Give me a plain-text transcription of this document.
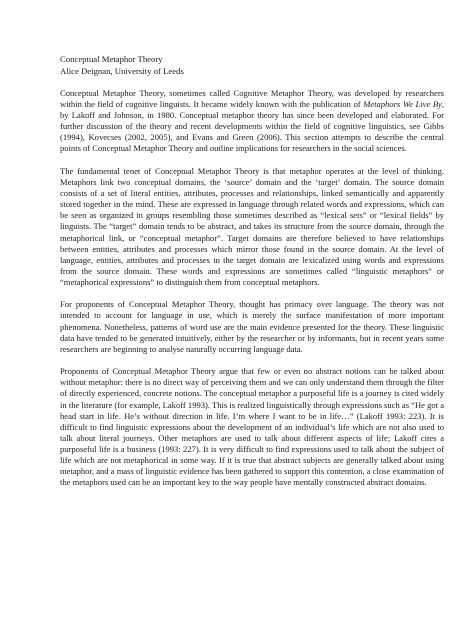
Conceptual Metaphor Theory
Alice Deignan, University of Leeds

Conceptual Metaphor Theory, sometimes called Cognitive Metaphor Theory, was developed by researchers within the field of cognitive linguists. It became widely known with the publication of Metaphors We Live By, by Lakoff and Johnson, in 1980. Conceptual metaphor theory has since been developed and elaborated. For further discussion of the theory and recent developments within the field of cognitive linguistics, see Gibbs (1994), Kovecses (2002, 2005), and Evans and Green (2006). This section attempts to describe the central points of Conceptual Metaphor Theory and outline implications for researchers in the social sciences.

The fundamental tenet of Conceptual Metaphor Theory is that metaphor operates at the level of thinking. Metaphors link two conceptual domains, the ‘source’ domain and the ‘target’ domain. The source domain consists of a set of literal entities, attributes, processes and relationships, linked semantically and apparently stored together in the mind. These are expressed in language through related words and expressions, which can be seen as organized in groups resembling those sometimes described as “lexical sets” or “lexical fields” by linguists. The “target” domain tends to be abstract, and takes its structure from the source domain, through the metaphorical link, or “conceptual metaphor”. Target domains are therefore believed to have relationships between entities, attributes and processes which mirror those found in the source domain. At the level of language, entities, attributes and processes in the target domain are lexicalized using words and expressions from the source domain. These words and expressions are sometimes called “linguistic metaphors” or “metaphorical expressions” to distinguish them from conceptual metaphors.

For proponents of Conceptual Metaphor Theory, thought has primacy over language. The theory was not intended to account for language in use, which is merely the surface manifestation of more important phenomena. Nonetheless, patterns of word use are the main evidence presented for the theory. These linguistic data have tended to be generated intuitively, either by the researcher or by informants, but in recent years some researchers are beginning to analyse naturally occurring language data.

Proponents of Conceptual Metaphor Theory argue that few or even no abstract notions can be talked about without metaphor: there is no direct way of perceiving them and we can only understand them through the filter of directly experienced, concrete notions. The conceptual metaphor a purposeful life is a journey is cited widely in the literature (for example, Lakoff 1993). This is realized linguistically through expressions such as “He got a head start in life. He’s without direction in life. I’m where I want to be in life…” (Lakoff 1993: 223). It is difficult to find linguistic expressions about the development of an individual’s life which are not also used to talk about literal journeys. Other metaphors are used to talk about different aspects of life; Lakoff cites a purposeful life is a business (1993: 227). It is very difficult to find expressions used to talk about the subject of life which are not metaphorical in some way. If it is true that abstract subjects are generally talked about using metaphor, and a mass of linguistic evidence has been gathered to support this contention, a close examination of the metaphors used can be an important key to the way people have mentally constructed abstract domains.
